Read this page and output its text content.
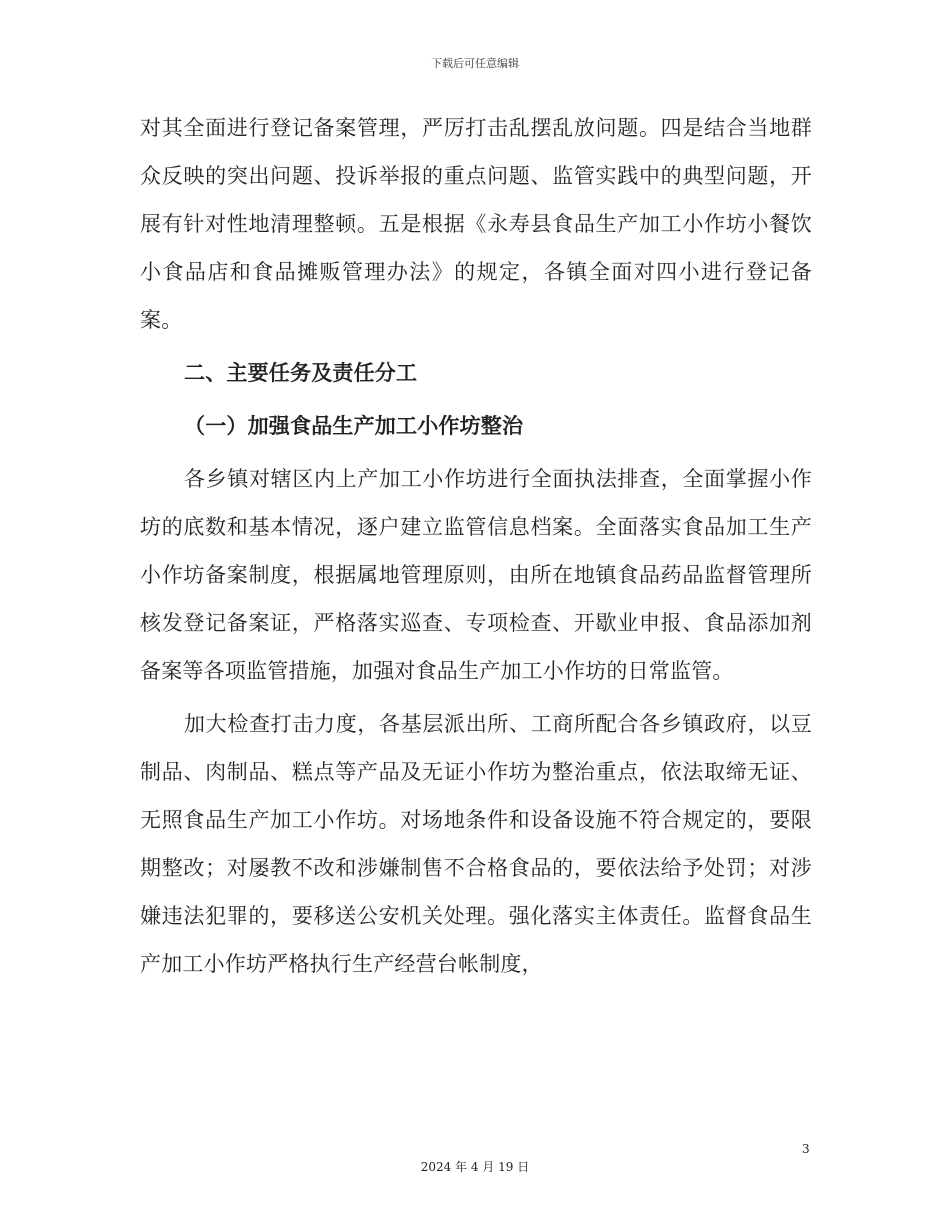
下载后可任意编辑

对其全面进行登记备案管理，严厉打击乱摆乱放问题。四是结合当地群众反映的突出问题、投诉举报的重点问题、监管实践中的典型问题，开展有针对性地清理整顿。五是根据《永寿县食品生产加工小作坊小餐饮小食品店和食品摊贩管理办法》的规定，各镇全面对四小进行登记备案。

二、主要任务及责任分工

（一）加强食品生产加工小作坊整治

各乡镇对辖区内上产加工小作坊进行全面执法排查，全面掌握小作坊的底数和基本情况，逐户建立监管信息档案。全面落实食品加工生产小作坊备案制度，根据属地管理原则，由所在地镇食品药品监督管理所核发登记备案证，严格落实巡查、专项检查、开歇业申报、食品添加剂备案等各项监管措施，加强对食品生产加工小作坊的日常监管。

加大检查打击力度，各基层派出所、工商所配合各乡镇政府，以豆制品、肉制品、糕点等产品及无证小作坊为整治重点，依法取缔无证、无照食品生产加工小作坊。对场地条件和设备设施不符合规定的，要限期整改；对屡教不改和涉嫌制售不合格食品的，要依法给予处罚；对涉嫌违法犯罪的，要移送公安机关处理。强化落实主体责任。监督食品生产加工小作坊严格执行生产经营台帐制度，

3
2024 年 4 月 19 日
